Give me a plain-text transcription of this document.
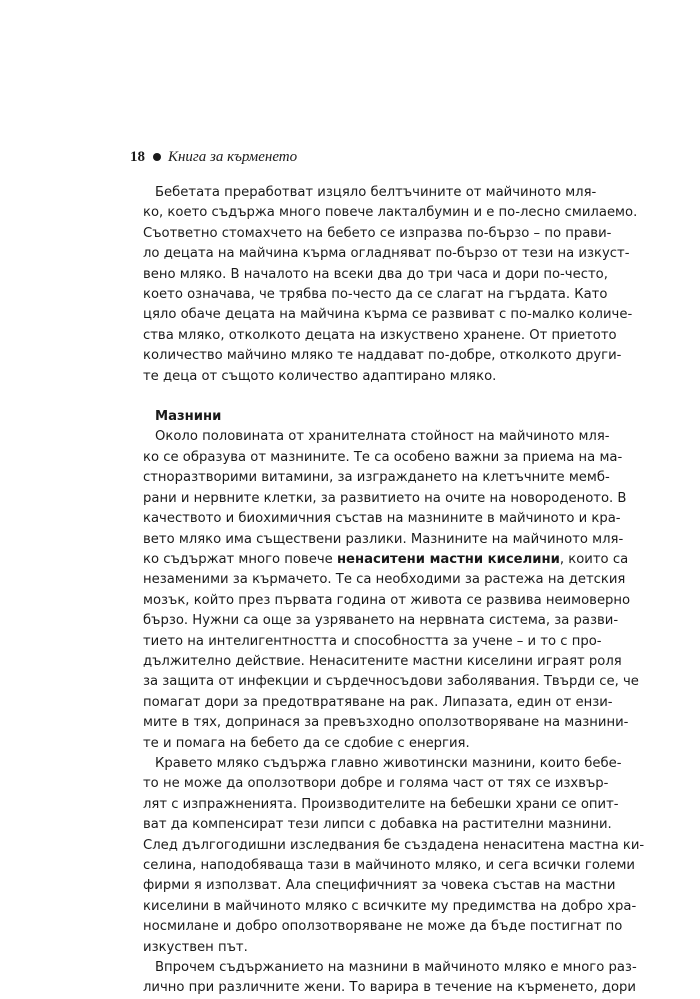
18 Книга за кърменето
Бебетата преработват изцяло белтъчините от майчиното мля-
ко, което съдържа много повече лакталбумин и е по-лесно смилаемо.
Съответно стомахчето на бебето се изпразва по-бързо – по прави-
ло децата на майчина кърма огладняват по-бързо от тези на изкуст-
вено мляко. В началото на всеки два до три часа и дори по-често,
което означава, че трябва по-често да се слагат на гърдата. Като
цяло обаче децата на майчина кърма се развиват с по-малко количе-
ства мляко, отколкото децата на изкуствено хранене. От приетото
количество майчино мляко те наддават по-добре, отколкото други-
те деца от същото количество адаптирано мляко.
Мазнини
Около половината от хранителната стойност на майчиното мля-
ко се образува от мазнините. Те са особено важни за приема на ма-
стноразтворими витамини, за изграждането на клетъчните мемб-
рани и нервните клетки, за развитието на очите на новороденото. В
качеството и биохимичния състав на мазнините в майчиното и кра-
вето мляко има съществени разлики. Мазнините на майчиното мля-
ко съдържат много повече ненаситени мастни киселини, които са
незаменими за кърмачето. Те са необходими за растежа на детския
мозък, който през първата година от живота се развива неимоверно
бързо. Нужни са още за узряването на нервната система, за разви-
тието на интелигентността и способността за учене – и то с про-
дължително действие. Ненаситените мастни киселини играят роля
за защита от инфекции и сърдечносъдови заболявания. Твърди се, че
помагат дори за предотвратяване на рак. Липазата, един от ензи-
мите в тях, допринася за превъзходно оползотворяване на мазнини-
те и помага на бебето да се сдобие с енергия.
Кравето мляко съдържа главно животински мазнини, които бебе-
то не може да оползотвори добре и голяма част от тях се изхвър-
лят с изпражненията. Производителите на бебешки храни се опит-
ват да компенсират тези липси с добавка на растителни мазнини.
След дългогодишни изследвания бе създадена ненаситена мастна ки-
селина, наподобяваща тази в майчиното мляко, и сега всички големи
фирми я използват. Ала специфичният за човека състав на мастни
киселини в майчиното мляко с всичките му предимства на добро хра-
носмилане и добро оползотворяване не може да бъде постигнат по
изкуствен път.
Впрочем съдържанието на мазнини в майчиното мляко е много раз-
лично при различните жени. То варира в течение на кърменето, дори
